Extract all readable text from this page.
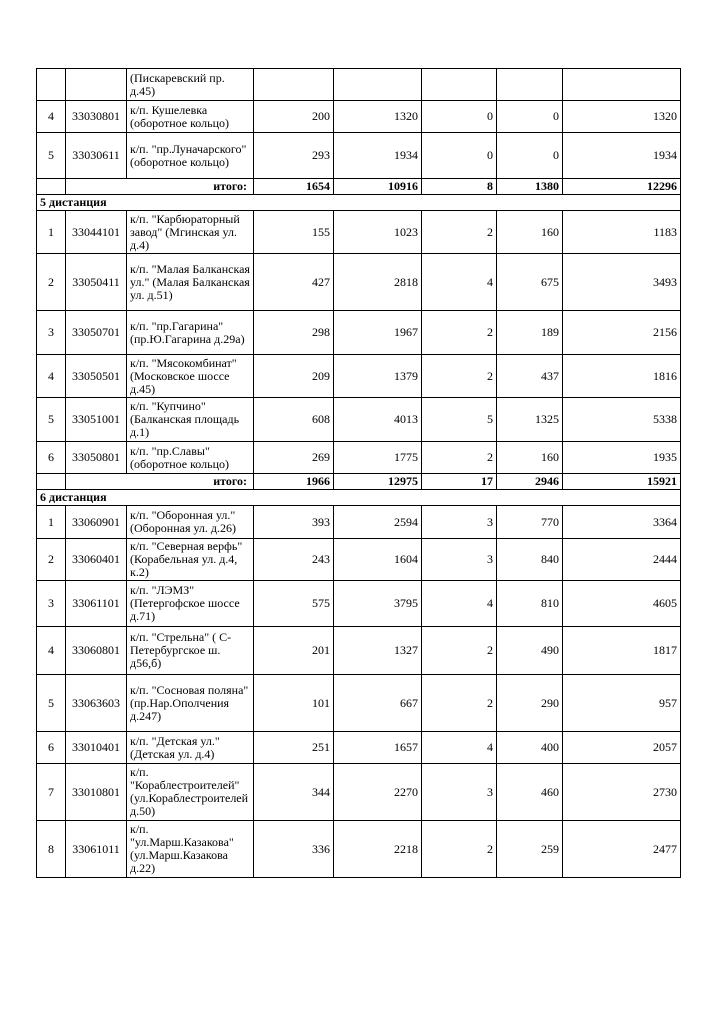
		(Пискаревский пр. д.45)					
4	33030801	к/п. Кушелевка (оборотное кольцо)	200	1320	0	0	1320
5	33030611	к/п. "пр.Луначарского" (оборотное кольцо)	293	1934	0	0	1934
	итого:		1654	10916	8	1380	12296
5 дистанция							
1	33044101	к/п. "Карбюраторный завод" (Мгинская ул. д.4)	155	1023	2	160	1183
2	33050411	к/п. "Малая Балканская ул." (Малая Балканская ул. д.51)	427	2818	4	675	3493
3	33050701	к/п. "пр.Гагарина" (пр.Ю.Гагарина д.29а)	298	1967	2	189	2156
4	33050501	к/п. "Мясокомбинат" (Московское шоссе д.45)	209	1379	2	437	1816
5	33051001	к/п. "Купчино" (Балканская площадь д.1)	608	4013	5	1325	5338
6	33050801	к/п. "пр.Славы" (оборотное кольцо)	269	1775	2	160	1935
	итого:		1966	12975	17	2946	15921
6 дистанция							
1	33060901	к/п. "Оборонная ул." (Оборонная ул. д.26)	393	2594	3	770	3364
2	33060401	к/п. "Северная верфь" (Корабельная ул. д.4, к.2)	243	1604	3	840	2444
3	33061101	к/п. "ЛЭМЗ" (Петергофское шоссе д.71)	575	3795	4	810	4605
4	33060801	к/п. "Стрельна" ( С-Петербургское ш. д56,б)	201	1327	2	490	1817
5	33063603	к/п. "Сосновая поляна" (пр.Нар.Ополчения д.247)	101	667	2	290	957
6	33010401	к/п. "Детская ул." (Детская ул. д.4)	251	1657	4	400	2057
7	33010801	к/п. "Кораблестроителей" (ул.Кораблестроителей д.50)	344	2270	3	460	2730
8	33061011	к/п. "ул.Марш.Казакова" (ул.Марш.Казакова д.22)	336	2218	2	259	2477
